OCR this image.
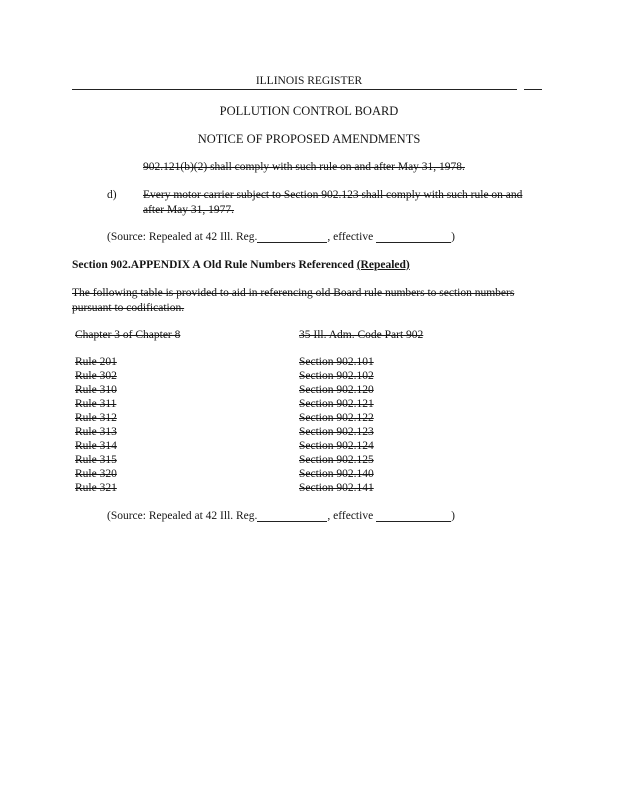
ILLINOIS REGISTER
POLLUTION CONTROL BOARD
NOTICE OF PROPOSED AMENDMENTS
902.121(b)(2) shall comply with such rule on and after May 31, 1978.
d) Every motor carrier subject to Section 902.123 shall comply with such rule on and after May 31, 1977.
(Source: Repealed at 42 Ill. Reg.	, effective	)
Section 902.APPENDIX A Old Rule Numbers Referenced (Repealed)
The following table is provided to aid in referencing old Board rule numbers to section numbers pursuant to codification.
Chapter 3 of Chapter 8	35 Ill. Adm. Code Part 902
Rule 201	Section 902.101
Rule 302	Section 902.102
Rule 310	Section 902.120
Rule 311	Section 902.121
Rule 312	Section 902.122
Rule 313	Section 902.123
Rule 314	Section 902.124
Rule 315	Section 902.125
Rule 320	Section 902.140
Rule 321	Section 902.141
(Source: Repealed at 42 Ill. Reg.	, effective	)
